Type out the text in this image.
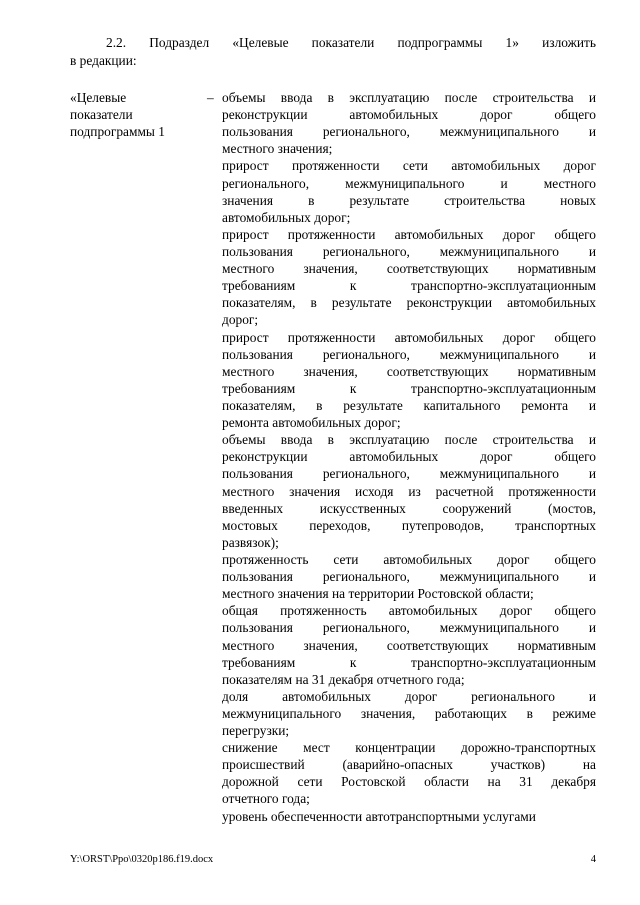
2.2. Подраздел «Целевые показатели подпрограммы 1» изложить
в редакции:
«Целевые
показатели
подпрограммы 1
– объемы ввода в эксплуатацию после строительства и
реконструкции автомобильных дорог общего
пользования регионального, межмуниципального и
местного значения;
прирост протяженности сети автомобильных дорог
регионального, межмуниципального и местного
значения в результате строительства новых
автомобильных дорог;
прирост протяженности автомобильных дорог общего
пользования регионального, межмуниципального и
местного значения, соответствующих нормативным
требованиям к транспортно-эксплуатационным
показателям, в результате реконструкции автомобильных
дорог;
прирост протяженности автомобильных дорог общего
пользования регионального, межмуниципального и
местного значения, соответствующих нормативным
требованиям к транспортно-эксплуатационным
показателям, в результате капитального ремонта и
ремонта автомобильных дорог;
объемы ввода в эксплуатацию после строительства и
реконструкции автомобильных дорог общего
пользования регионального, межмуниципального и
местного значения исходя из расчетной протяженности
введенных искусственных сооружений (мостов,
мостовых переходов, путепроводов, транспортных
развязок);
протяженность сети автомобильных дорог общего
пользования регионального, межмуниципального и
местного значения на территории Ростовской области;
общая протяженность автомобильных дорог общего
пользования регионального, межмуниципального и
местного значения, соответствующих нормативным
требованиям к транспортно-эксплуатационным
показателям на 31 декабря отчетного года;
доля автомобильных дорог регионального и
межмуниципального значения, работающих в режиме
перегрузки;
снижение мест концентрации дорожно-транспортных
происшествий (аварийно-опасных участков) на
дорожной сети Ростовской области на 31 декабря
отчетного года;
уровень обеспеченности автотранспортными услугами
Y:\ORST\Ppo\0320p186.f19.docx	4
